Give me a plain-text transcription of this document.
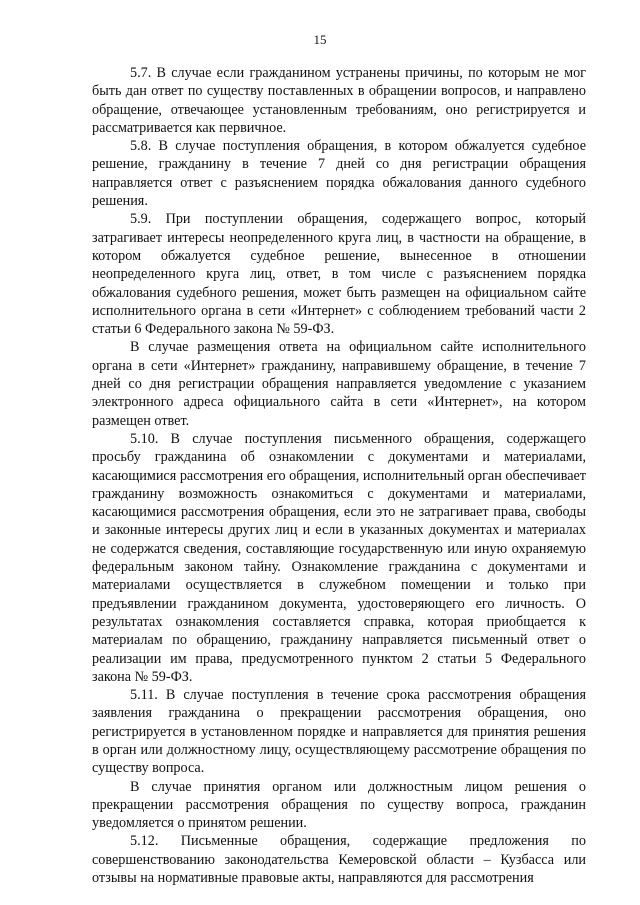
15

5.7. В случае если гражданином устранены причины, по которым не мог быть дан ответ по существу поставленных в обращении вопросов, и направлено обращение, отвечающее установленным требованиям, оно регистрируется и рассматривается как первичное.

5.8. В случае поступления обращения, в котором обжалуется судебное решение, гражданину в течение 7 дней со дня регистрации обращения направляется ответ с разъяснением порядка обжалования данного судебного решения.

5.9. При поступлении обращения, содержащего вопрос, который затрагивает интересы неопределенного круга лиц, в частности на обращение, в котором обжалуется судебное решение, вынесенное в отношении неопределенного круга лиц, ответ, в том числе с разъяснением порядка обжалования судебного решения, может быть размещен на официальном сайте исполнительного органа в сети «Интернет» с соблюдением требований части 2 статьи 6 Федерального закона № 59-ФЗ.

В случае размещения ответа на официальном сайте исполнительного органа в сети «Интернет» гражданину, направившему обращение, в течение 7 дней со дня регистрации обращения направляется уведомление с указанием электронного адреса официального сайта в сети «Интернет», на котором размещен ответ.

5.10. В случае поступления письменного обращения, содержащего просьбу гражданина об ознакомлении с документами и материалами, касающимися рассмотрения его обращения, исполнительный орган обеспечивает гражданину возможность ознакомиться с документами и материалами, касающимися рассмотрения обращения, если это не затрагивает права, свободы и законные интересы других лиц и если в указанных документах и материалах не содержатся сведения, составляющие государственную или иную охраняемую федеральным законом тайну. Ознакомление гражданина с документами и материалами осуществляется в служебном помещении и только при предъявлении гражданином документа, удостоверяющего его личность. О результатах ознакомления составляется справка, которая приобщается к материалам по обращению, гражданину направляется письменный ответ о реализации им права, предусмотренного пунктом 2 статьи 5 Федерального закона № 59-ФЗ.

5.11. В случае поступления в течение срока рассмотрения обращения заявления гражданина о прекращении рассмотрения обращения, оно регистрируется в установленном порядке и направляется для принятия решения в орган или должностному лицу, осуществляющему рассмотрение обращения по существу вопроса.

В случае принятия органом или должностным лицом решения о прекращении рассмотрения обращения по существу вопроса, гражданин уведомляется о принятом решении.

5.12. Письменные обращения, содержащие предложения по совершенствованию законодательства Кемеровской области – Кузбасса или отзывы на нормативные правовые акты, направляются для рассмотрения
